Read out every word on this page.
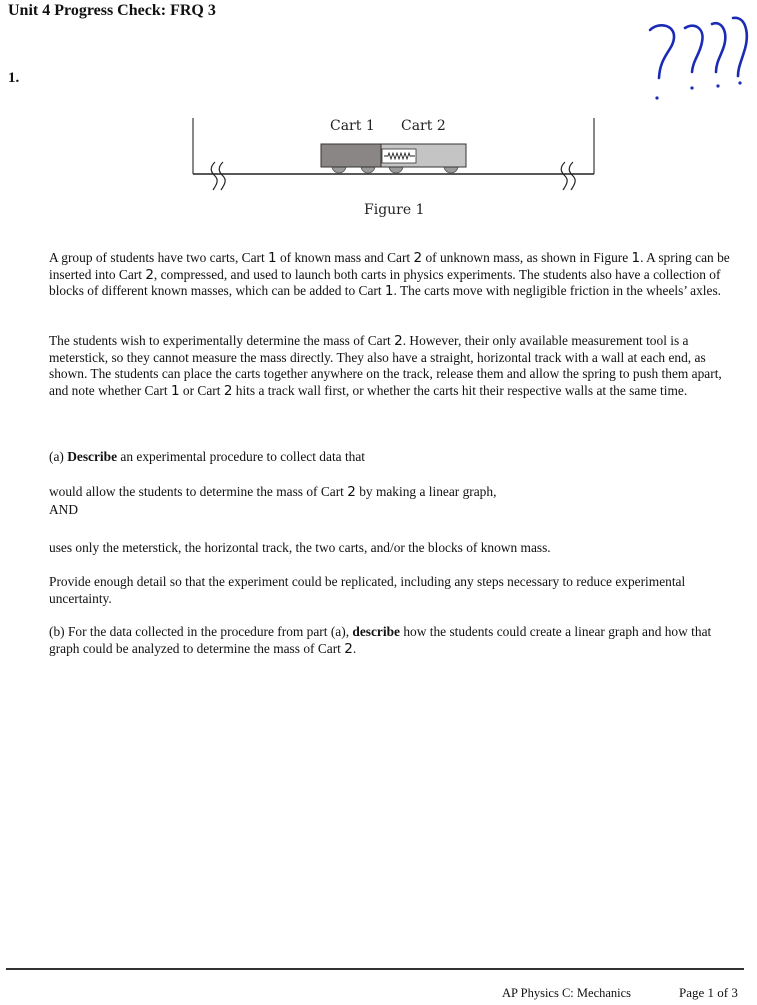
Unit 4 Progress Check: FRQ 3
1.
Cart 1 Cart 2
Figure 1
A group of students have two carts, Cart 1 of known mass and Cart 2 of unknown mass, as shown in Figure 1. A spring can be inserted into Cart 2, compressed, and used to launch both carts in physics experiments. The students also have a collection of blocks of different known masses, which can be added to Cart 1. The carts move with negligible friction in the wheels’ axles.
The students wish to experimentally determine the mass of Cart 2. However, their only available measurement tool is a meterstick, so they cannot measure the mass directly. They also have a straight, horizontal track with a wall at each end, as shown. The students can place the carts together anywhere on the track, release them and allow the spring to push them apart, and note whether Cart 1 or Cart 2 hits a track wall first, or whether the carts hit their respective walls at the same time.
(a) Describe an experimental procedure to collect data that
would allow the students to determine the mass of Cart 2 by making a linear graph,
AND
uses only the meterstick, the horizontal track, the two carts, and/or the blocks of known mass.
Provide enough detail so that the experiment could be replicated, including any steps necessary to reduce experimental uncertainty.
(b) For the data collected in the procedure from part (a), describe how the students could create a linear graph and how that graph could be analyzed to determine the mass of Cart 2.
AP Physics C: Mechanics	Page 1 of 3
